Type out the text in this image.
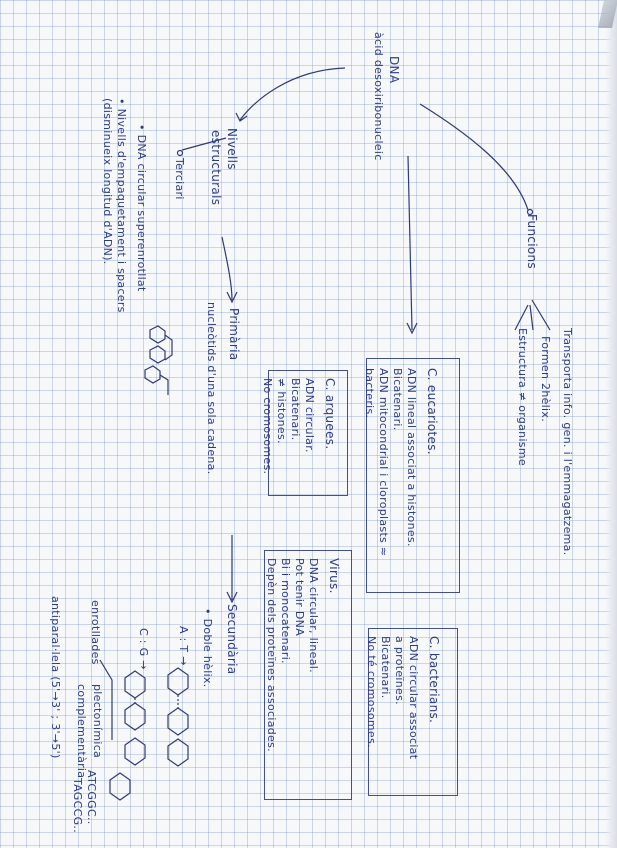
DNA
àcid desoxiribonucleic
Funcions
Transporta info. gen. i l'emmagatzema.
Formen 2hèlix.
Estructura ≠ organisme
Nivells
estructurals
Terciari
• DNA circular superenrotllat
• Nivells d'empaquetament i spacers
(disminueix longitud d'ADN).
Primària
nucleòtids d'una sola cadena.
Secundària
• Doble hèlix.
A : T →
C : G →
enrotllades
plectonímica
complementària
ATCGGC..
TAGCCG..
antiparal·lela (5'→3' ; 3'→5')
C. eucariotes.
ADN lineal associat a histones.
Bicatenari.
ADN mitocondrial i cloroplasts ≈
bacteris.
C. arquees.
ADN circular.
Bicatenari.
≠ histones.
No cromosomes.
Virus.
DNA circular, lineal.
Pot tenir DNA
Bi i monocatenari.
Depèn dels proteïnes associades.	C. bacterians.
ADN circular associat
a proteïnes.
Bicatenari.
No té cromosomes.
